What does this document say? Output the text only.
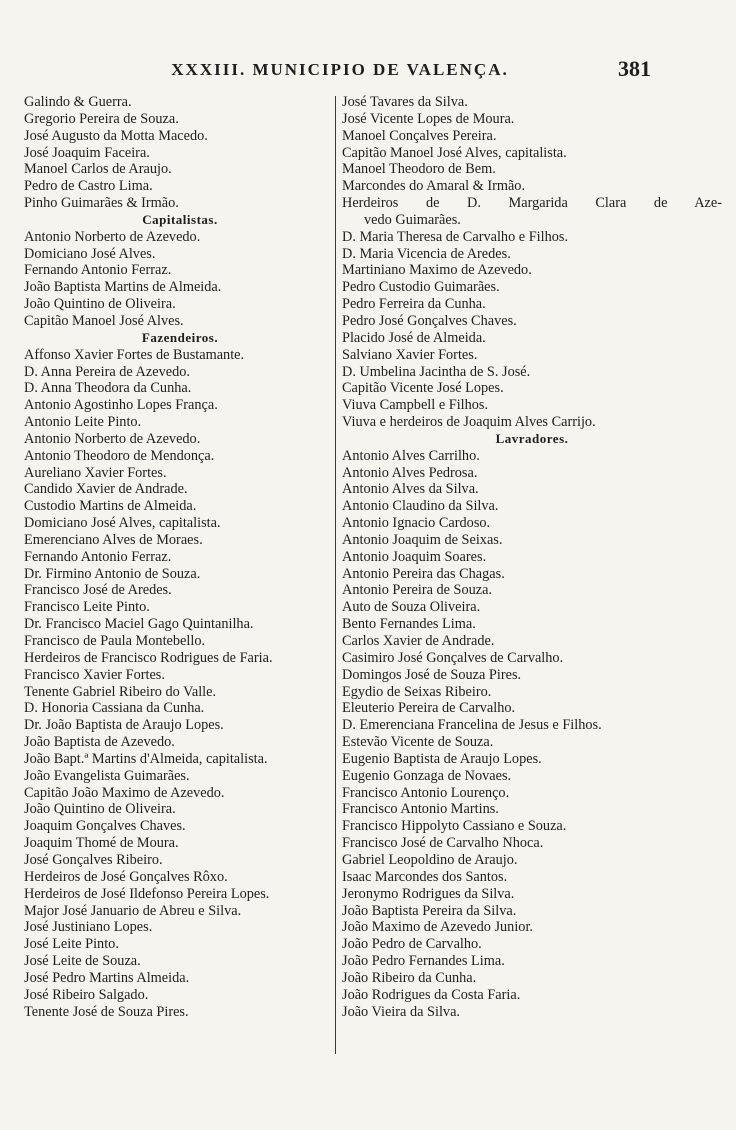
XXXIII. MUNICIPIO DE VALENÇA.	381
Galindo & Guerra.
Gregorio Pereira de Souza.
José Augusto da Motta Macedo.
José Joaquim Faceira.
Manoel Carlos de Araujo.
Pedro de Castro Lima.
Pinho Guimarães & Irmão.
Capitalistas.
Antonio Norberto de Azevedo.
Domiciano José Alves.
Fernando Antonio Ferraz.
João Baptista Martins de Almeida.
João Quintino de Oliveira.
Capitão Manoel José Alves.
Fazendeiros.
Affonso Xavier Fortes de Bustamante.
D. Anna Pereira de Azevedo.
D. Anna Theodora da Cunha.
Antonio Agostinho Lopes França.
Antonio Leite Pinto.
Antonio Norberto de Azevedo.
Antonio Theodoro de Mendonça.
Aureliano Xavier Fortes.
Candido Xavier de Andrade.
Custodio Martins de Almeida.
Domiciano José Alves, capitalista.
Emerenciano Alves de Moraes.
Fernando Antonio Ferraz.
Dr. Firmino Antonio de Souza.
Francisco José de Aredes.
Francisco Leite Pinto.
Dr. Francisco Maciel Gago Quintanilha.
Francisco de Paula Montebello.
Herdeiros de Francisco Rodrigues de Faria.
Francisco Xavier Fortes.
Tenente Gabriel Ribeiro do Valle.
D. Honoria Cassiana da Cunha.
Dr. João Baptista de Araujo Lopes.
João Baptista de Azevedo.
João Bapt.ª Martins d'Almeida, capitalista.
João Evangelista Guimarães.
Capitão João Maximo de Azevedo.
João Quintino de Oliveira.
Joaquim Gonçalves Chaves.
Joaquim Thomé de Moura.
José Gonçalves Ribeiro.
Herdeiros de José Gonçalves Rôxo.
Herdeiros de José Ildefonso Pereira Lopes.
Major José Januario de Abreu e Silva.
José Justiniano Lopes.
José Leite Pinto.
José Leite de Souza.
José Pedro Martins Almeida.
José Ribeiro Salgado.
Tenente José de Souza Pires.
José Tavares da Silva.
José Vicente Lopes de Moura.
Manoel Conçalves Pereira.
Capitão Manoel José Alves, capitalista.
Manoel Theodoro de Bem.
Marcondes do Amaral & Irmão.
Herdeiros de D. Margarida Clara de Aze-
vedo Guimarães.
D. Maria Theresa de Carvalho e Filhos.
D. Maria Vicencia de Aredes.
Martiniano Maximo de Azevedo.
Pedro Custodio Guimarães.
Pedro Ferreira da Cunha.
Pedro José Gonçalves Chaves.
Placido José de Almeida.
Salviano Xavier Fortes.
D. Umbelina Jacintha de S. José.
Capitão Vicente José Lopes.
Viuva Campbell e Filhos.
Viuva e herdeiros de Joaquim Alves Carrijo.
Lavradores.
Antonio Alves Carrilho.
Antonio Alves Pedrosa.
Antonio Alves da Silva.
Antonio Claudino da Silva.
Antonio Ignacio Cardoso.
Antonio Joaquim de Seixas.
Antonio Joaquim Soares.
Antonio Pereira das Chagas.
Antonio Pereira de Souza.
Auto de Souza Oliveira.
Bento Fernandes Lima.
Carlos Xavier de Andrade.
Casimiro José Gonçalves de Carvalho.
Domingos José de Souza Pires.
Egydio de Seixas Ribeiro.
Eleuterio Pereira de Carvalho.
D. Emerenciana Francelina de Jesus e Filhos.
Estevão Vicente de Souza.
Eugenio Baptista de Araujo Lopes.
Eugenio Gonzaga de Novaes.
Francisco Antonio Lourenço.
Francisco Antonio Martins.
Francisco Hippolyto Cassiano e Souza.
Francisco José de Carvalho Nhoca.
Gabriel Leopoldino de Araujo.
Isaac Marcondes dos Santos.
Jeronymo Rodrigues da Silva.
João Baptista Pereira da Silva.
João Maximo de Azevedo Junior.
João Pedro de Carvalho.
João Pedro Fernandes Lima.
João Ribeiro da Cunha.
João Rodrigues da Costa Faria.
João Vieira da Silva.
